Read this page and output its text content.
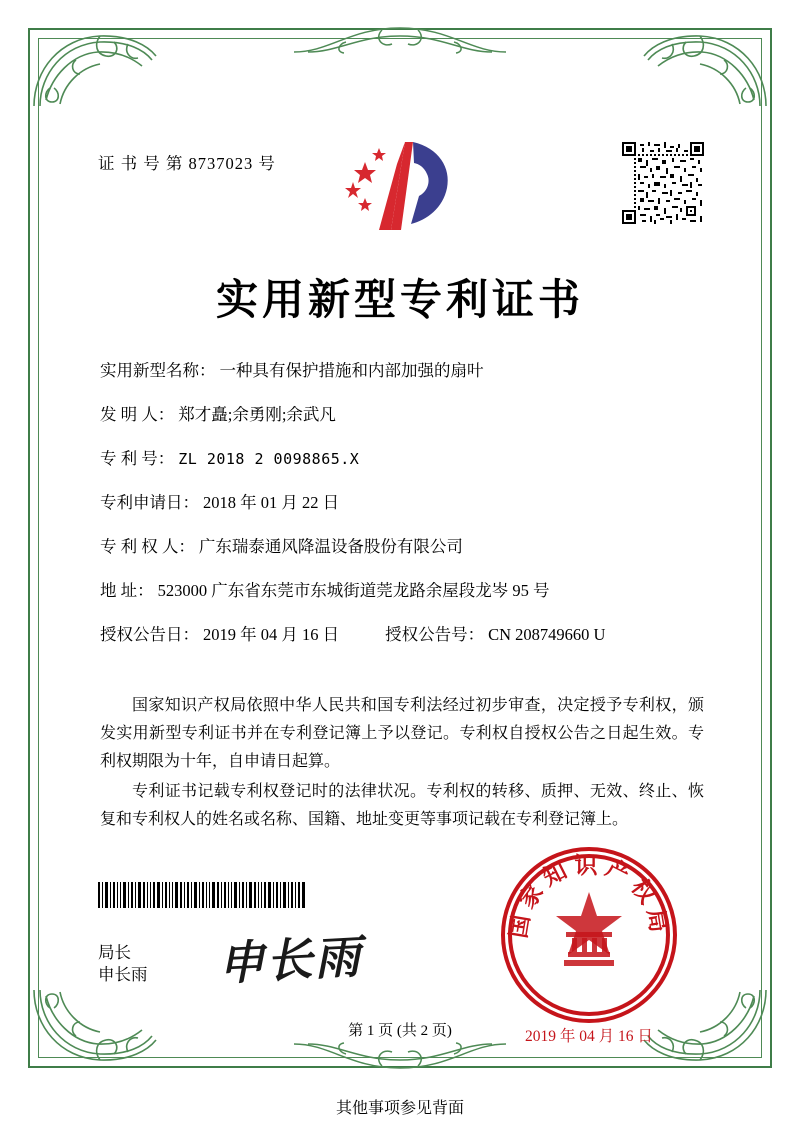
证 书 号 第 8737023 号
实用新型专利证书
实用新型名称： 一种具有保护措施和内部加强的扇叶
发 明 人： 郑才矗;余勇刚;余武凡
专 利 号： ZL 2018 2 0098865.X
专利申请日： 2018 年 01 月 22 日
专 利 权 人： 广东瑞泰通风降温设备股份有限公司
地 址： 523000 广东省东莞市东城街道莞龙路余屋段龙岑 95 号
授权公告日： 2019 年 04 月 16 日	授权公告号： CN 208749660 U

国家知识产权局依照中华人民共和国专利法经过初步审查，决定授予专利权，颁发实用新型专利证书并在专利登记簿上予以登记。专利权自授权公告之日起生效。专利权期限为十年，自申请日起算。

专利证书记载专利权登记时的法律状况。专利权的转移、质押、无效、终止、恢复和专利权人的姓名或名称、国籍、地址变更等事项记载在专利登记簿上。

局长
申长雨 申长雨
国家知识产权局
2019 年 04 月 16 日
第 1 页 (共 2 页)
其他事项参见背面
